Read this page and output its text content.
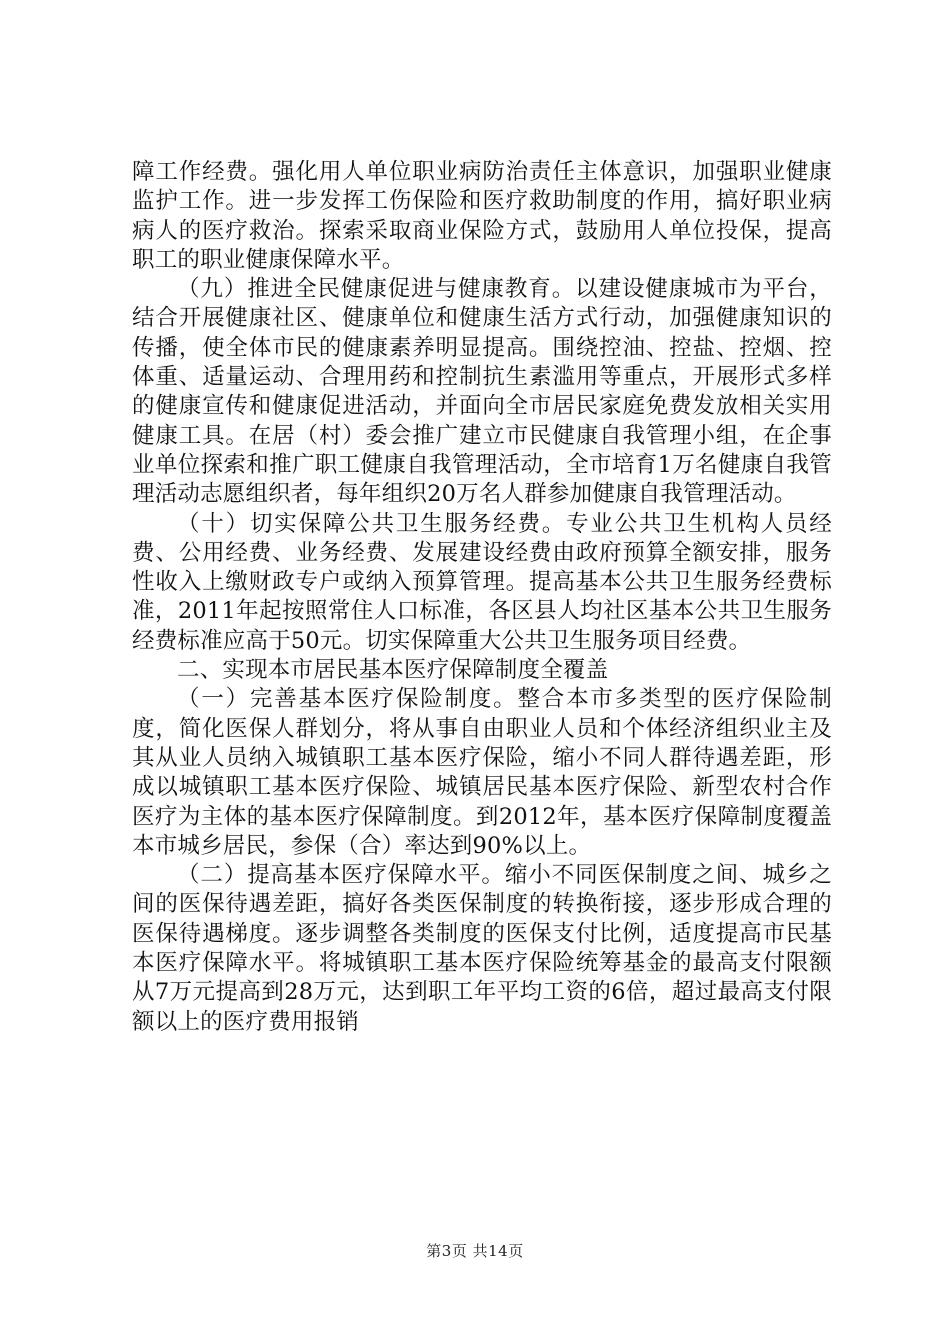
障工作经费。强化用人单位职业病防治责任主体意识，加强职业健康监护工作。进一步发挥工伤保险和医疗救助制度的作用，搞好职业病病人的医疗救治。探索采取商业保险方式，鼓励用人单位投保，提高职工的职业健康保障水平。

（九）推进全民健康促进与健康教育。以建设健康城市为平台，结合开展健康社区、健康单位和健康生活方式行动，加强健康知识的传播，使全体市民的健康素养明显提高。围绕控油、控盐、控烟、控体重、适量运动、合理用药和控制抗生素滥用等重点，开展形式多样的健康宣传和健康促进活动，并面向全市居民家庭免费发放相关实用健康工具。在居（村）委会推广建立市民健康自我管理小组，在企事业单位探索和推广职工健康自我管理活动，全市培育1万名健康自我管理活动志愿组织者，每年组织20万名人群参加健康自我管理活动。

（十）切实保障公共卫生服务经费。专业公共卫生机构人员经费、公用经费、业务经费、发展建设经费由政府预算全额安排，服务性收入上缴财政专户或纳入预算管理。提高基本公共卫生服务经费标准，2011年起按照常住人口标准，各区县人均社区基本公共卫生服务经费标准应高于50元。切实保障重大公共卫生服务项目经费。

二、实现本市居民基本医疗保障制度全覆盖

（一）完善基本医疗保险制度。整合本市多类型的医疗保险制度，简化医保人群划分，将从事自由职业人员和个体经济组织业主及其从业人员纳入城镇职工基本医疗保险，缩小不同人群待遇差距，形成以城镇职工基本医疗保险、城镇居民基本医疗保险、新型农村合作医疗为主体的基本医疗保障制度。到2012年，基本医疗保障制度覆盖本市城乡居民，参保（合）率达到90%以上。

（二）提高基本医疗保障水平。缩小不同医保制度之间、城乡之间的医保待遇差距，搞好各类医保制度的转换衔接，逐步形成合理的医保待遇梯度。逐步调整各类制度的医保支付比例，适度提高市民基本医疗保障水平。将城镇职工基本医疗保险统筹基金的最高支付限额从7万元提高到28万元，达到职工年平均工资的6倍，超过最高支付限额以上的医疗费用报销

第3页 共14页
